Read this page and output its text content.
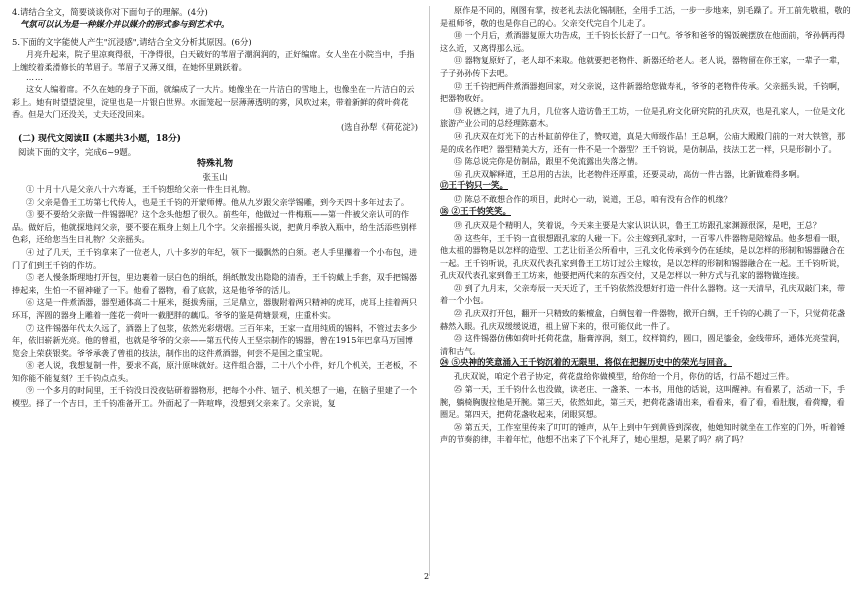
4.请结合全文，简要谈谈你对下面句子的理解。(4分)

气氛可以认为是一种媒介并以媒介的形式参与到艺术中。

5.下面的文字能使人产生"沉浸感",请结合全文分析其原因。(6分)

月亮升起来，院子里凉爽得很，干净得很，白天破好的苇眉子潮润润的，正好编席。女人坐在小院当中，手指上缠绞着柔滑修长的苇眉子。苇眉子又薄又细，在她怀里跳跃着。

……

这女人编着席。不久在她的身子下面，就编成了一大片。她像坐在一片洁白的雪地上，也像坐在一片洁白的云彩上。她有时望望淀里，淀里也是一片银白世界。水面笼起一层薄薄透明的雾，风吹过来，带着新鲜的荷叶荷花香。但是大门还没关，丈夫还没回来。

(选自孙犁《荷花淀》)

(二) 现代文阅读Ⅱ (本题共3小题，18分)

阅读下面的文字，完成6~9题。

特殊礼物

张玉山

① 十月十八是父亲八十六寿诞，王千钧想给父亲一件生日礼物。

② 父亲是鲁王工坊第七代传人，也是王千钧的开蒙师傅。他从九岁跟父亲学锡雕，到今天四十多年过去了。

③ 要不要给父亲做一件锡器呢？这个念头他想了很久。前些年，他做过一件梅瓶——第一件被父亲认可的作品。做好后，他就探地问父亲，要不要在瓶身上刻上几个字。父亲摇摇头说，把黄月季放入瓶中，给生活添些别样色彩，还给您当生日礼物？父亲摇头。

④ 过了几天，王千钧拿来了一位老人，八十多岁的年纪，领下一撮飘然的白须。老人手里攥着一个小布包，进门了们到王千钧的作坊。

⑤ 老人慢条斯理地打开包，里边裹着一层白色的绢纸，绢纸散发出隐隐的清香，王千钧戴上手套，双手把锡器捧起来，生怕一不留神碰了一下。他看了器物，看了底款，这是他爷爷的活儿。

⑥ 这是一件煮酒器，器型通体高二十厘米，挺拔秀丽，三足鼎立，器腹附着两只精神的虎耳，虎耳上挂着两只环耳，浑圆的器身上雕着一莲花一荷叶一截肥胖的藕瓜。爷爷的鉴是荷塘景观，庄重朴实。

⑦ 这件锡器年代太久远了，酒器上了包浆，依然光彩熠熠。三百年来，王家一直用纯质的锡料，不管过去多少年，依旧崭新光亮。他的曾祖，也就是爷爷的父亲——第五代传人王坚宗制作的锡器，曾在1915年巴拿马万国博览会上荣获银奖。爷爷承袭了曾祖的技法，制作出的这件煮酒器，何尝不是国之重宝呢。

⑧ 老人说，我想复制一件，要求不高，原汁原味就好。这件组合器，二十八个小件，好几个机关，王老板，不知你能不能复刻？王千钧点点头。

⑨ 一个多月的时间里，王千钧没日没夜钻研着器物形，把每个小件、钮子、机关想了一遍，在脑子里建了一个模型。择了一个吉日，王千钧准备开工。外面起了一阵喧哗，没想到父亲来了。父亲说，复

原作是不同的，刚图有掌，按老礼去法化锡制胚，全用手工活，一步一步地来，别毛躁了。开工前先敬祖，敬的是祖师爷，敬的也是你自己的心。父亲交代完自个儿走了。

⑩ 一个月后，煮酒器复原大功告成，王千钧长长舒了一口气。爷爷和爸爷的锡饭碗摆放在他面前，爷孙俩再得这么近，又离得那么远。

⑪ 器物复原好了，老人却不来取。他就要把老物件、新器还给老人。老人说，器物留在你王家，一辈子一辈，子子孙孙传下去吧。

⑫ 王千钧把两件煮酒器抱回家，对父亲说，这件新器给您做寿礼，爷爷的老物件传承。父亲摇头说，千钧啊，把器物收好。

⑬ 祝德之问，进了九月，几位客人造访鲁王工坊，一位是孔府文化研究院的孔庆双，也是孔家人，一位是文化旅游产业公司的总经理陈嘉木。

⑭ 孔庆双在灯光下的古朴缸前停住了，赞叹道，真是大师级作品！王总啊，公庙大殿殿门前的一对大铁管，那是的成名作吧？器型精美大方，还有一件不是一个器型？王千钧说，是仿制品，技法工艺一样，只是形制小了。

⑮ 陈总说完你是仿制品，跟里不免流露出失落之情。

⑯ 孔庆双解释道，王总用的古法，比老物件还厚重，还要灵动，高仿一件古器，比新做难得多啊。

⑰王千钧只一笑。

⑰ 陈总不敢想合作的项目，此时心一动，说道，王总，咱有没有合作的机缘？

⑱ ②王千钧笑笑。

⑲ 孔庆双是个精明人，笑着说，今天来主要是大家认识认识，鲁王工坊跟孔家渊源很深，是吧，王总？

⑳ 这些年，王千钧一直很想跟孔家的人碰一下。公主嫁到孔家时，一百零八件器物是陪嫁品。他多想看一眼，他太祖的器物是以怎样的造型、工艺让衍圣公所看中，三孔文化传承到今仍在延续，是以怎样的形制和锡器融合在一起。王千钧听说，孔庆双代表孔家到鲁王工坊订过公主嫁妆，是以怎样的形制和锡器融合在一起。王千钧听说，孔庆双代表孔家到鲁王工坊来，他要把两代来的东西交付，又是怎样以一种方式与孔家的器物做连接。

㉑ 到了九月末，父亲寿辰一天天近了，王千钧依然没想好打造一件什么器物。这一天清早，孔庆双敲门来，带着一个小包。

㉒ 孔庆双打开包，翻开一只精致的紫檀盒，白绸包着一件器物，掀开白绸，王千钧的心跳了一下，只觉荷花盏赫然入眼。孔庆双缓缓说道，祖上留下来的，很可能仅此一件了。

㉓ 这件锡器仿佛如荷叶托荷花盘，脂膏淳润，刻工，纹样简约，圆口，圆足鎏金，金线带环，通体光亮莹润，清和古气。

㉔ ⑤央神的笑意涌入王千钧沉着的无限里，将似在把握历史中的荣光与回音。

孔庆双说，咱定个君子协定，荷花盘给你做模型，给你给一个月，你仿的话，行品不超过三件。

㉕ 第一天，王千钧什么也没做，读老庄、一盏茶、一本书，用他的话说，这叫醒神。有看累了，活动一下，手腕，躺椅胸腹拉他是开腕。第三天，依然如此，第三天，把荷花盏请出来，看看来，看了看，看肚腹，看荷瓣，看圈足。第四天，把荷花盏收起来，闭眼冥想。

㉖ 第五天，工作室里传来了叮叮的锤声，从午上到中午到黄昏到深夜，他她知时就坐在工作室的门外，听着锤声的节奏韵律，丰着年忙，他想不出来了下个礼拜了，她心里想，是累了吗？病了吗？

2
